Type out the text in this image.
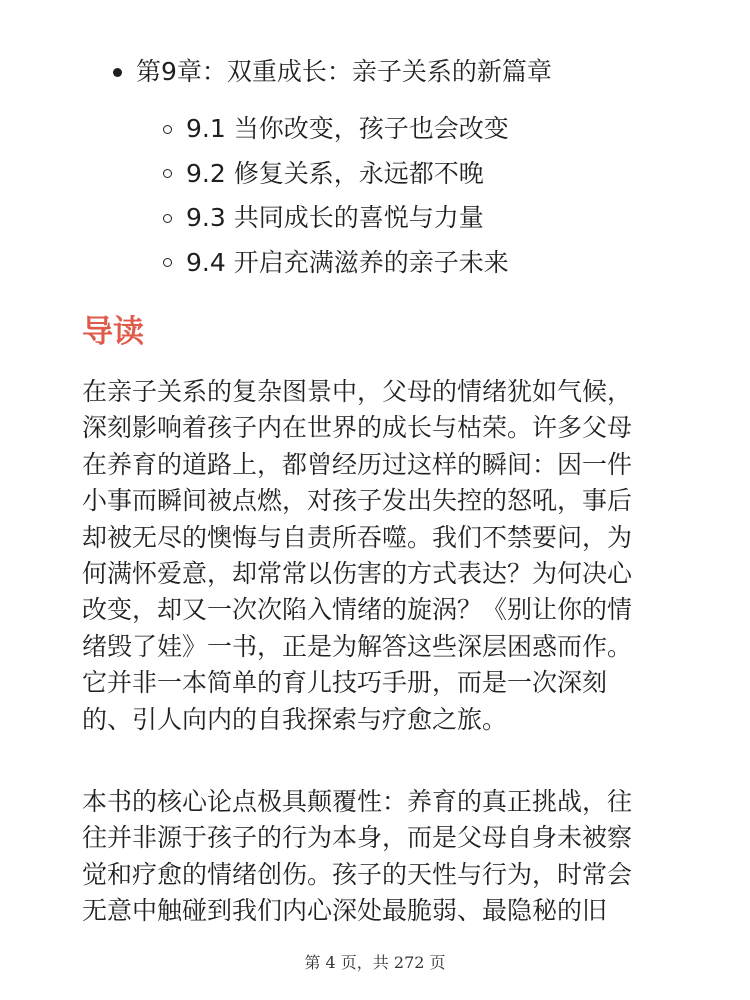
第9章：双重成长：亲子关系的新篇章
9.1 当你改变，孩子也会改变
9.2 修复关系，永远都不晚
9.3 共同成长的喜悦与力量
9.4 开启充满滋养的亲子未来
导读

在亲子关系的复杂图景中，父母的情绪犹如气候，
深刻影响着孩子内在世界的成长与枯荣。许多父母
在养育的道路上，都曾经历过这样的瞬间：因一件
小事而瞬间被点燃，对孩子发出失控的怒吼，事后
却被无尽的懊悔与自责所吞噬。我们不禁要问，为
何满怀爱意，却常常以伤害的方式表达？为何决心
改变，却又一次次陷入情绪的旋涡？《别让你的情
绪毁了娃》一书，正是为解答这些深层困惑而作。
它并非一本简单的育儿技巧手册，而是一次深刻
的、引人向内的自我探索与疗愈之旅。

本书的核心论点极具颠覆性：养育的真正挑战，往
往并非源于孩子的行为本身，而是父母自身未被察
觉和疗愈的情绪创伤。孩子的天性与行为，时常会
无意中触碰到我们内心深处最脆弱、最隐秘的旧

第 4 页，共 272 页
